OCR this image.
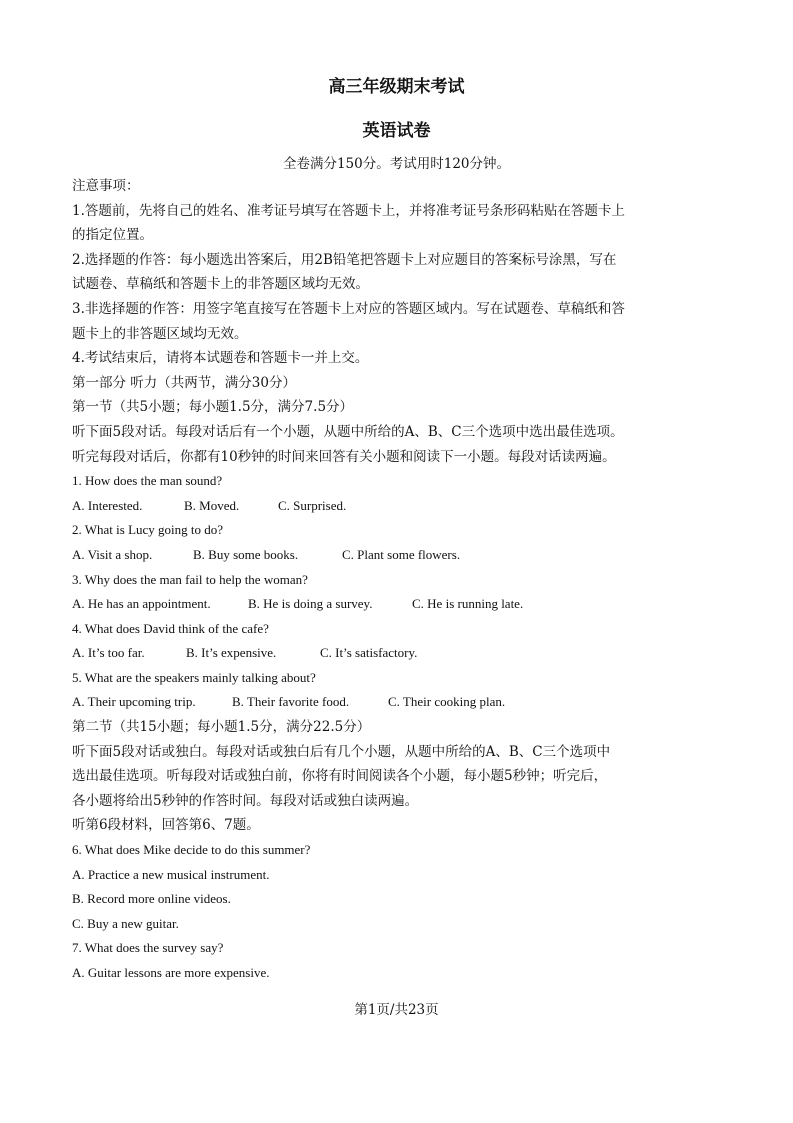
高三年级期末考试
英语试卷
全卷满分150分。考试用时120分钟。
注意事项：
1.答题前，先将自己的姓名、准考证号填写在答题卡上，并将准考证号条形码粘贴在答题卡上
的指定位置。
2.选择题的作答：每小题选出答案后，用2B铅笔把答题卡上对应题目的答案标号涂黑，写在
试题卷、草稿纸和答题卡上的非答题区域均无效。
3.非选择题的作答：用签字笔直接写在答题卡上对应的答题区域内。写在试题卷、草稿纸和答
题卡上的非答题区域均无效。
4.考试结束后，请将本试题卷和答题卡一并上交。
第一部分 听力（共两节，满分30分）
第一节（共5小题；每小题1.5分，满分7.5分）
听下面5段对话。每段对话后有一个小题，从题中所给的A、B、C三个选项中选出最佳选项。
听完每段对话后，你都有10秒钟的时间来回答有关小题和阅读下一小题。每段对话读两遍。
1. How does the man sound?
A. Interested.	B. Moved.	C. Surprised.
2. What is Lucy going to do?
A. Visit a shop.	B. Buy some books.	C. Plant some flowers.
3. Why does the man fail to help the woman?
A. He has an appointment.	B. He is doing a survey.	C. He is running late.
4. What does David think of the cafe?
A. It’s too far.	B. It’s expensive.	C. It’s satisfactory.
5. What are the speakers mainly talking about?
A. Their upcoming trip.	B. Their favorite food.	C. Their cooking plan.
第二节（共15小题；每小题1.5分，满分22.5分）
听下面5段对话或独白。每段对话或独白后有几个小题，从题中所给的A、B、C三个选项中
选出最佳选项。听每段对话或独白前，你将有时间阅读各个小题，每小题5秒钟；听完后，
各小题将给出5秒钟的作答时间。每段对话或独白读两遍。
听第6段材料，回答第6、7题。
6. What does Mike decide to do this summer?
A. Practice a new musical instrument.
B. Record more online videos.
C. Buy a new guitar.
7. What does the survey say?
A. Guitar lessons are more expensive.
第1页/共23页
